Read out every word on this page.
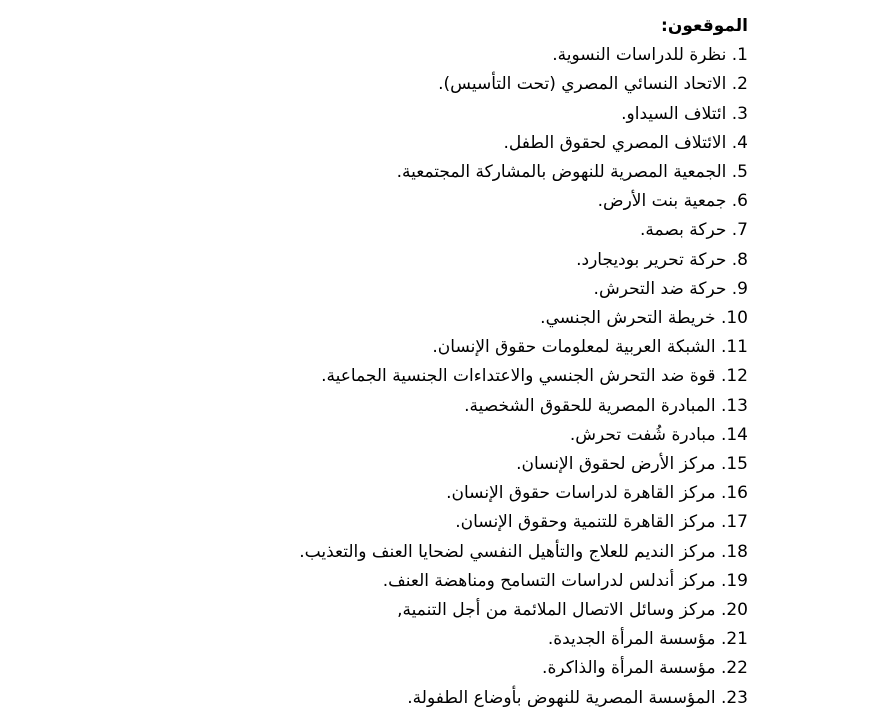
الموقعون:
1. نظرة للدراسات النسوية.
2. الاتحاد النسائي المصري (تحت التأسيس).
3. ائتلاف السيداو.
4. الائتلاف المصري لحقوق الطفل.
5. الجمعية المصرية للنهوض بالمشاركة المجتمعية.
6. جمعية بنت الأرض.
7. حركة بصمة.
8. حركة تحرير بوديجارد.
9. حركة ضد التحرش.
10. خريطة التحرش الجنسي.
11. الشبكة العربية لمعلومات حقوق الإنسان.
12. قوة ضد التحرش الجنسي والاعتداءات الجنسية الجماعية.
13. المبادرة المصرية للحقوق الشخصية.
14. مبادرة شُفت تحرش.
15. مركز الأرض لحقوق الإنسان.
16. مركز القاهرة لدراسات حقوق الإنسان.
17. مركز القاهرة للتنمية وحقوق الإنسان.
18. مركز النديم للعلاج والتأهيل النفسي لضحايا العنف والتعذيب.
19. مركز أندلس لدراسات التسامح ومناهضة العنف.
20. مركز وسائل الاتصال الملائمة من أجل التنمية,
21. مؤسسة المرأة الجديدة.
22. مؤسسة المرأة والذاكرة.
23. المؤسسة المصرية للنهوض بأوضاع الطفولة.
